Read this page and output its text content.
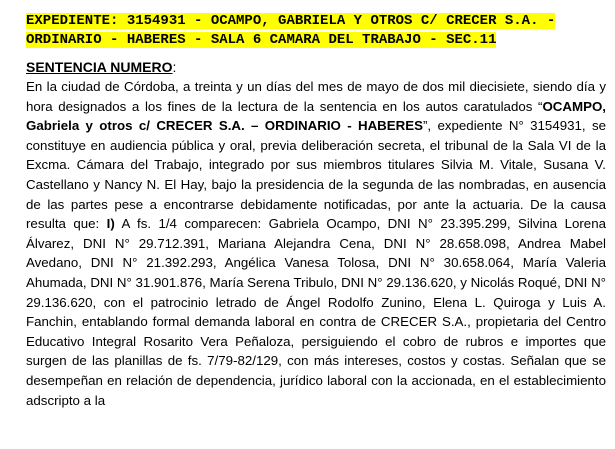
EXPEDIENTE: 3154931 - OCAMPO, GABRIELA Y OTROS C/ CRECER S.A. - ORDINARIO - HABERES - SALA 6 CAMARA DEL TRABAJO - SEC.11

SENTENCIA NUMERO:

En la ciudad de Córdoba, a treinta y un días del mes de mayo de dos mil diecisiete, siendo día y hora designados a los fines de la lectura de la sentencia en los autos caratulados “OCAMPO, Gabriela y otros c/ CRECER S.A. – ORDINARIO - HABERES”, expediente N° 3154931, se constituye en audiencia pública y oral, previa deliberación secreta, el tribunal de la Sala VI de la Excma. Cámara del Trabajo, integrado por sus miembros titulares Silvia M. Vitale, Susana V. Castellano y Nancy N. El Hay, bajo la presidencia de la segunda de las nombradas, en ausencia de las partes pese a encontrarse debidamente notificadas, por ante la actuaria. De la causa resulta que: I) A fs. 1/4 comparecen: Gabriela Ocampo, DNI N° 23.395.299, Silvina Lorena Álvarez, DNI N° 29.712.391, Mariana Alejandra Cena, DNI N° 28.658.098, Andrea Mabel Avedano, DNI N° 21.392.293, Angélica Vanesa Tolosa, DNI N° 30.658.064, María Valeria Ahumada, DNI N° 31.901.876, María Serena Tribulo, DNI N° 29.136.620, y Nicolás Roqué, DNI N° 29.136.620, con el patrocinio letrado de Ángel Rodolfo Zunino, Elena L. Quiroga y Luis A. Fanchin, entablando formal demanda laboral en contra de CRECER S.A., propietaria del Centro Educativo Integral Rosarito Vera Peñaloza, persiguiendo el cobro de rubros e importes que surgen de las planillas de fs. 7/79-82/129, con más intereses, costos y costas. Señalan que se desempeñan en relación de dependencia, jurídico laboral con la accionada, en el establecimiento adscripto a la
